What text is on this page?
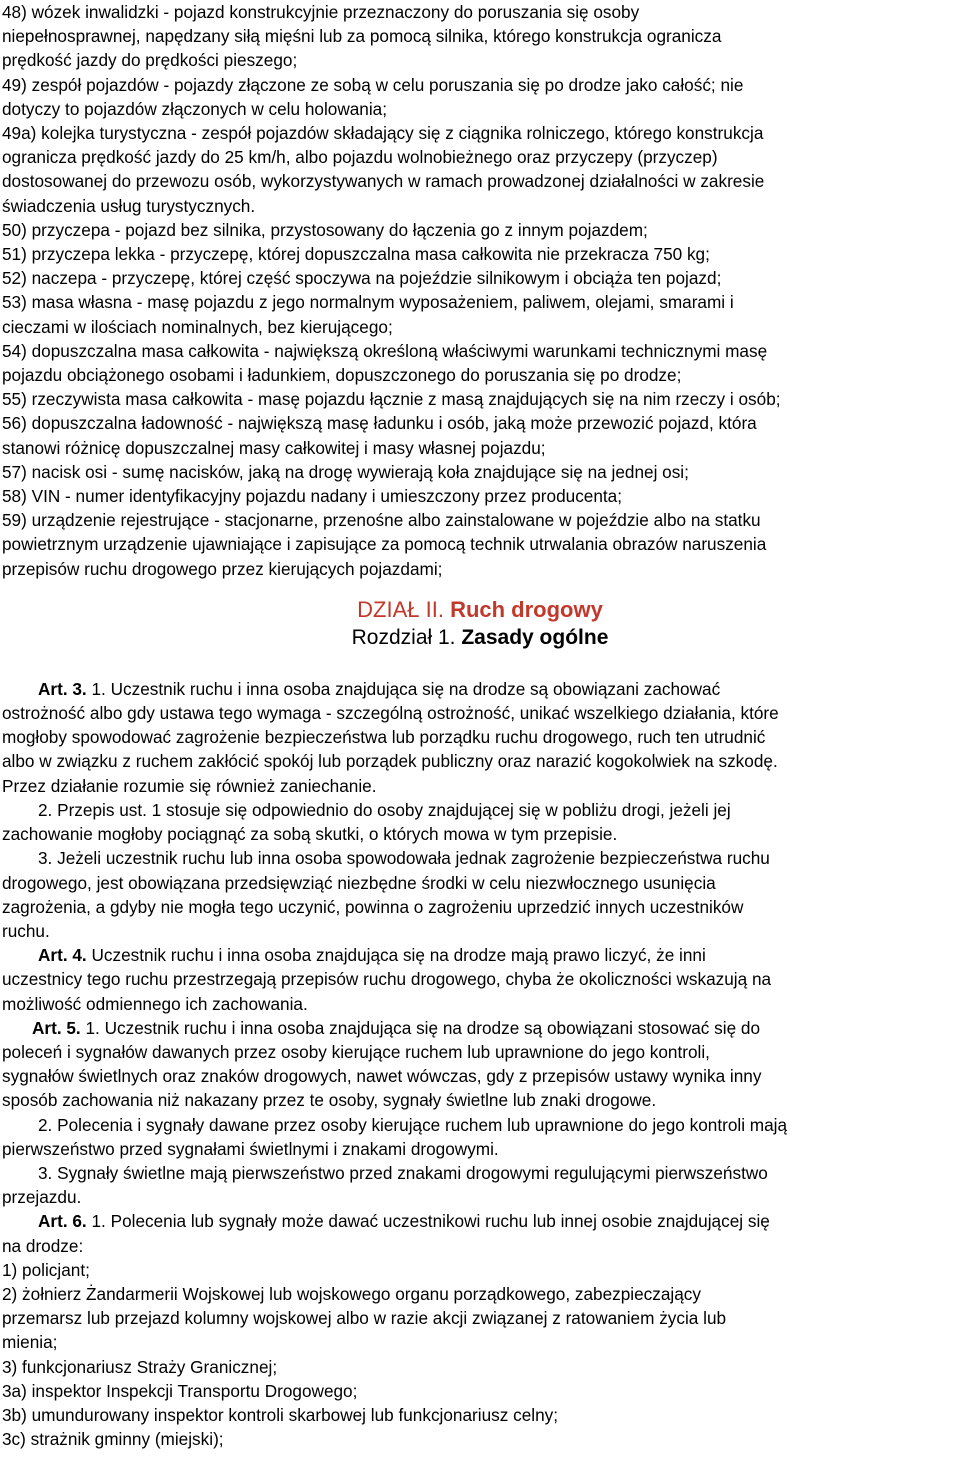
48) wózek inwalidzki - pojazd konstrukcyjnie przeznaczony do poruszania się osoby
niepełnosprawnej, napędzany siłą mięśni lub za pomocą silnika, którego konstrukcja ogranicza
prędkość jazdy do prędkości pieszego;
49) zespół pojazdów - pojazdy złączone ze sobą w celu poruszania się po drodze jako całość; nie
dotyczy to pojazdów złączonych w celu holowania;
49a) kolejka turystyczna - zespół pojazdów składający się z ciągnika rolniczego, którego konstrukcja
ogranicza prędkość jazdy do 25 km/h, albo pojazdu wolnobieżnego oraz przyczepy (przyczep)
dostosowanej do przewozu osób, wykorzystywanych w ramach prowadzonej działalności w zakresie
świadczenia usług turystycznych.
50) przyczepa - pojazd bez silnika, przystosowany do łączenia go z innym pojazdem;
51) przyczepa lekka - przyczepę, której dopuszczalna masa całkowita nie przekracza 750 kg;
52) naczepa - przyczepę, której część spoczywa na pojeździe silnikowym i obciąża ten pojazd;
53) masa własna - masę pojazdu z jego normalnym wyposażeniem, paliwem, olejami, smarami i
cieczami w ilościach nominalnych, bez kierującego;
54) dopuszczalna masa całkowita - największą określoną właściwymi warunkami technicznymi masę
pojazdu obciążonego osobami i ładunkiem, dopuszczonego do poruszania się po drodze;
55) rzeczywista masa całkowita - masę pojazdu łącznie z masą znajdujących się na nim rzeczy i osób;
56) dopuszczalna ładowność - największą masę ładunku i osób, jaką może przewozić pojazd, która
stanowi różnicę dopuszczalnej masy całkowitej i masy własnej pojazdu;
57) nacisk osi - sumę nacisków, jaką na drogę wywierają koła znajdujące się na jednej osi;
58) VIN - numer identyfikacyjny pojazdu nadany i umieszczony przez producenta;
59) urządzenie rejestrujące - stacjonarne, przenośne albo zainstalowane w pojeździe albo na statku
powietrznym urządzenie ujawniające i zapisujące za pomocą technik utrwalania obrazów naruszenia
przepisów ruchu drogowego przez kierujących pojazdami;
DZIAŁ II. Ruch drogowy
Rozdział 1. Zasady ogólne
Art. 3. 1. Uczestnik ruchu i inna osoba znajdująca się na drodze są obowiązani zachować
ostrożność albo gdy ustawa tego wymaga - szczególną ostrożność, unikać wszelkiego działania, które
mogłoby spowodować zagrożenie bezpieczeństwa lub porządku ruchu drogowego, ruch ten utrudnić
albo w związku z ruchem zakłócić spokój lub porządek publiczny oraz narazić kogokolwiek na szkodę.
Przez działanie rozumie się również zaniechanie.
2. Przepis ust. 1 stosuje się odpowiednio do osoby znajdującej się w pobliżu drogi, jeżeli jej
zachowanie mogłoby pociągnąć za sobą skutki, o których mowa w tym przepisie.
3. Jeżeli uczestnik ruchu lub inna osoba spowodowała jednak zagrożenie bezpieczeństwa ruchu
drogowego, jest obowiązana przedsięwziąć niezbędne środki w celu niezwłocznego usunięcia
zagrożenia, a gdyby nie mogła tego uczynić, powinna o zagrożeniu uprzedzić innych uczestników
ruchu.
Art. 4. Uczestnik ruchu i inna osoba znajdująca się na drodze mają prawo liczyć, że inni
uczestnicy tego ruchu przestrzegają przepisów ruchu drogowego, chyba że okoliczności wskazują na
możliwość odmiennego ich zachowania.
Art. 5. 1. Uczestnik ruchu i inna osoba znajdująca się na drodze są obowiązani stosować się do
poleceń i sygnałów dawanych przez osoby kierujące ruchem lub uprawnione do jego kontroli,
sygnałów świetlnych oraz znaków drogowych, nawet wówczas, gdy z przepisów ustawy wynika inny
sposób zachowania niż nakazany przez te osoby, sygnały świetlne lub znaki drogowe.
2. Polecenia i sygnały dawane przez osoby kierujące ruchem lub uprawnione do jego kontroli mają
pierwszeństwo przed sygnałami świetlnymi i znakami drogowymi.
3. Sygnały świetlne mają pierwszeństwo przed znakami drogowymi regulującymi pierwszeństwo
przejazdu.
Art. 6. 1. Polecenia lub sygnały może dawać uczestnikowi ruchu lub innej osobie znajdującej się
na drodze:
1) policjant;
2) żołnierz Żandarmerii Wojskowej lub wojskowego organu porządkowego, zabezpieczający
przemarsz lub przejazd kolumny wojskowej albo w razie akcji związanej z ratowaniem życia lub
mienia;
3) funkcjonariusz Straży Granicznej;
3a) inspektor Inspekcji Transportu Drogowego;
3b) umundurowany inspektor kontroli skarbowej lub funkcjonariusz celny;
3c) strażnik gminny (miejski);
